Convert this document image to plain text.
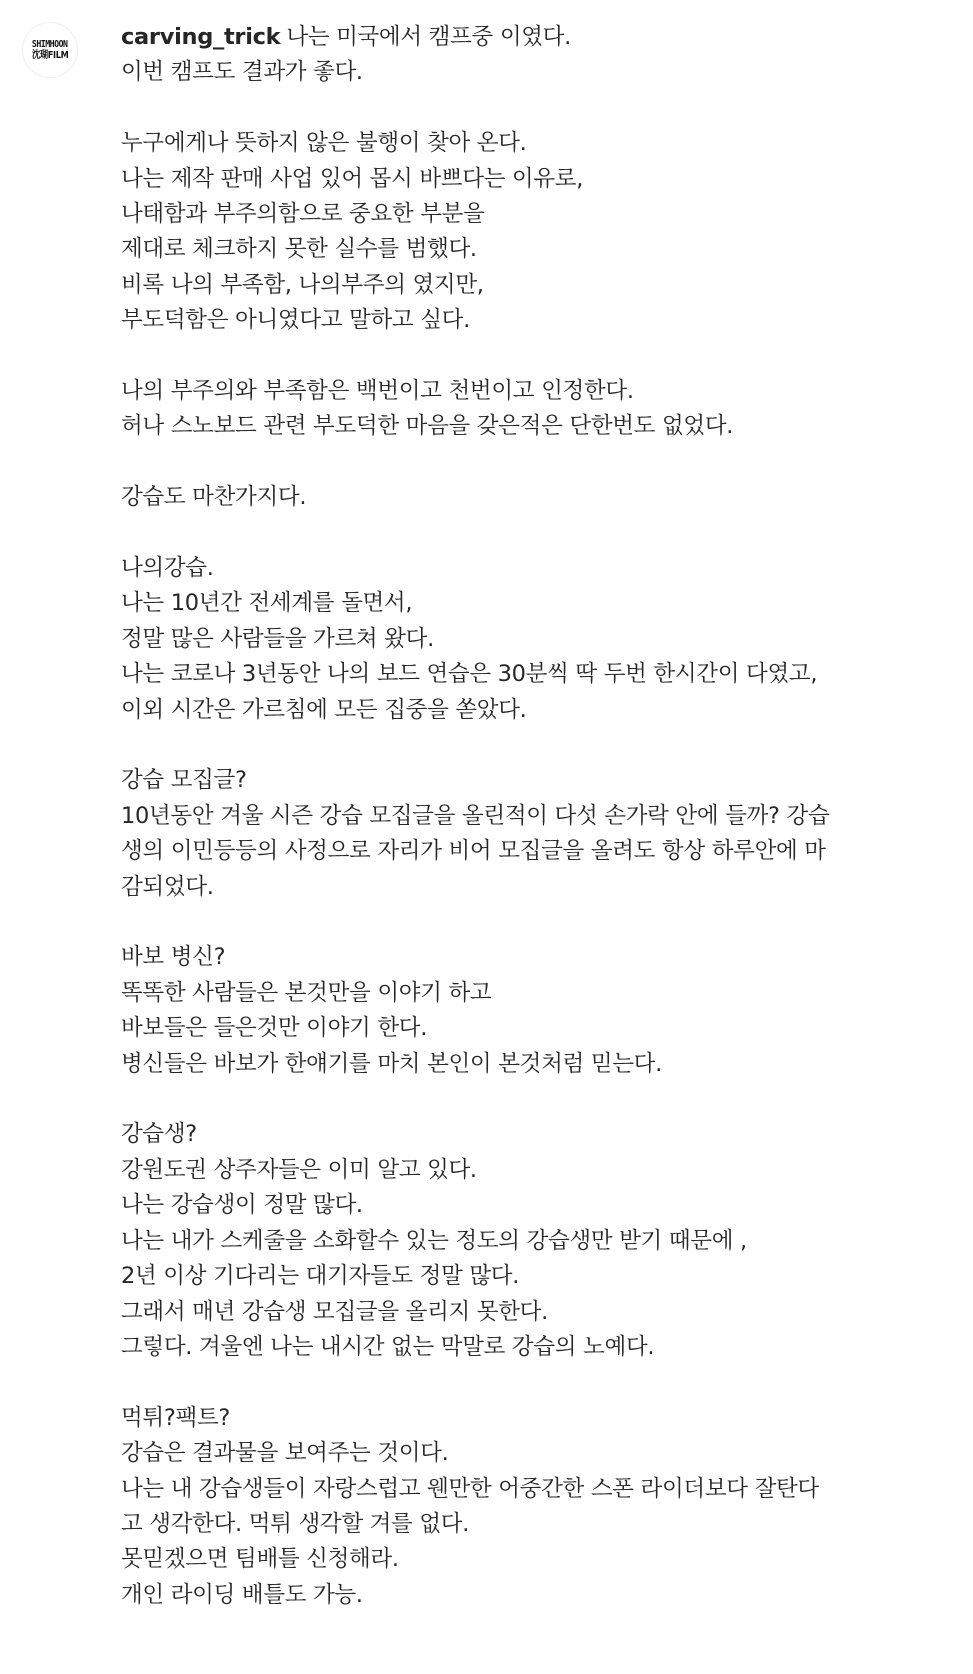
SHIMHOON
沈瑚FILM
carving_trick 나는 미국에서 캠프중 이였다.
이번 캠프도 결과가 좋다.
누구에게나 뜻하지 않은 불행이 찾아 온다.
나는 제작 판매 사업 있어 몹시 바쁘다는 이유로,
나태함과 부주의함으로 중요한 부분을
제대로 체크하지 못한 실수를 범했다.
비록 나의 부족함, 나의부주의 였지만,
부도덕함은 아니였다고 말하고 싶다.
나의 부주의와 부족함은 백번이고 천번이고 인정한다.
허나 스노보드 관련 부도덕한 마음을 갖은적은 단한번도 없었다.
강습도 마찬가지다.
나의강습.
나는 10년간 전세계를 돌면서,
정말 많은 사람들을 가르쳐 왔다.
나는 코로나 3년동안 나의 보드 연습은 30분씩 딱 두번 한시간이 다였고,
이외 시간은 가르침에 모든 집중을 쏟았다.
강습 모집글?
10년동안 겨울 시즌 강습 모집글을 올린적이 다섯 손가락 안에 들까? 강습
생의 이민등등의 사정으로 자리가 비어 모집글을 올려도 항상 하루안에 마
감되었다.
바보 병신?
똑똑한 사람들은 본것만을 이야기 하고
바보들은 들은것만 이야기 한다.
병신들은 바보가 한얘기를 마치 본인이 본것처럼 믿는다.
강습생?
강원도권 상주자들은 이미 알고 있다.
나는 강습생이 정말 많다.
나는 내가 스케줄을 소화할수 있는 정도의 강습생만 받기 때문에 ,
2년 이상 기다리는 대기자들도 정말 많다.
그래서 매년 강습생 모집글을 올리지 못한다.
그렇다. 겨울엔 나는 내시간 없는 막말로 강습의 노예다.
먹튀?팩트?
강습은 결과물을 보여주는 것이다.
나는 내 강습생들이 자랑스럽고 웬만한 어중간한 스폰 라이더보다 잘탄다
고 생각한다. 먹튀 생각할 겨를 없다.
못믿겠으면 팀배틀 신청해라.
개인 라이딩 배틀도 가능.
